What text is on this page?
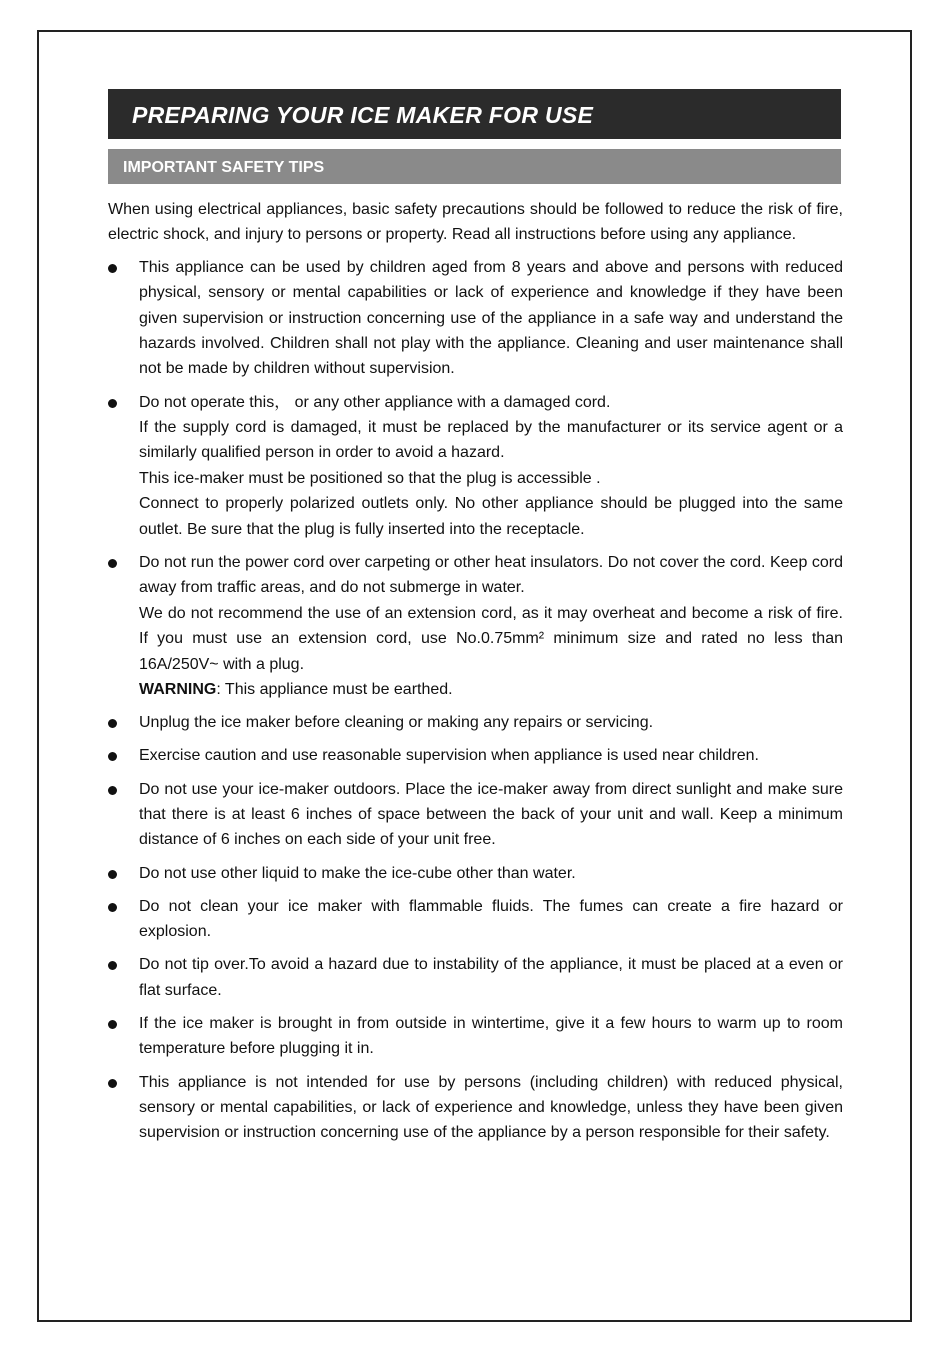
PREPARING YOUR ICE MAKER FOR USE
IMPORTANT SAFETY TIPS

When using electrical appliances, basic safety precautions should be followed to reduce the risk of fire, electric shock, and injury to persons or property. Read all instructions before using any appliance.

This appliance can be used by children aged from 8 years and above and persons with reduced physical, sensory or mental capabilities or lack of experience and knowledge if they have been given supervision or instruction concerning use of the appliance in a safe way and understand the hazards involved. Children shall not play with the appliance. Cleaning and user maintenance shall not be made by children without supervision.

Do not operate this， or any other appliance with a damaged cord.

If the supply cord is damaged, it must be replaced by the manufacturer or its service agent or a similarly qualified person in order to avoid a hazard.

This ice-maker must be positioned so that the plug is accessible .

Connect to properly polarized outlets only. No other appliance should be plugged into the same outlet. Be sure that the plug is fully inserted into the receptacle.

Do not run the power cord over carpeting or other heat insulators. Do not cover the cord. Keep cord away from traffic areas, and do not submerge in water.

We do not recommend the use of an extension cord, as it may overheat and become a risk of fire. If you must use an extension cord, use No.0.75mm² minimum size and rated no less than 16A/250V~ with a plug.

WARNING: This appliance must be earthed.

Unplug the ice maker before cleaning or making any repairs or servicing.

Exercise caution and use reasonable supervision when appliance is used near children.

Do not use your ice-maker outdoors. Place the ice-maker away from direct sunlight and make sure that there is at least 6 inches of space between the back of your unit and wall. Keep a minimum distance of 6 inches on each side of your unit free.

Do not use other liquid to make the ice-cube other than water.

Do not clean your ice maker with flammable fluids. The fumes can create a fire hazard or explosion.

Do not tip over.To avoid a hazard due to instability of the appliance, it must be placed at a even or flat surface.

If the ice maker is brought in from outside in wintertime, give it a few hours to warm up to room temperature before plugging it in.

This appliance is not intended for use by persons (including children) with reduced physical, sensory or mental capabilities, or lack of experience and knowledge, unless they have been given supervision or instruction concerning use of the appliance by a person responsible for their safety.
